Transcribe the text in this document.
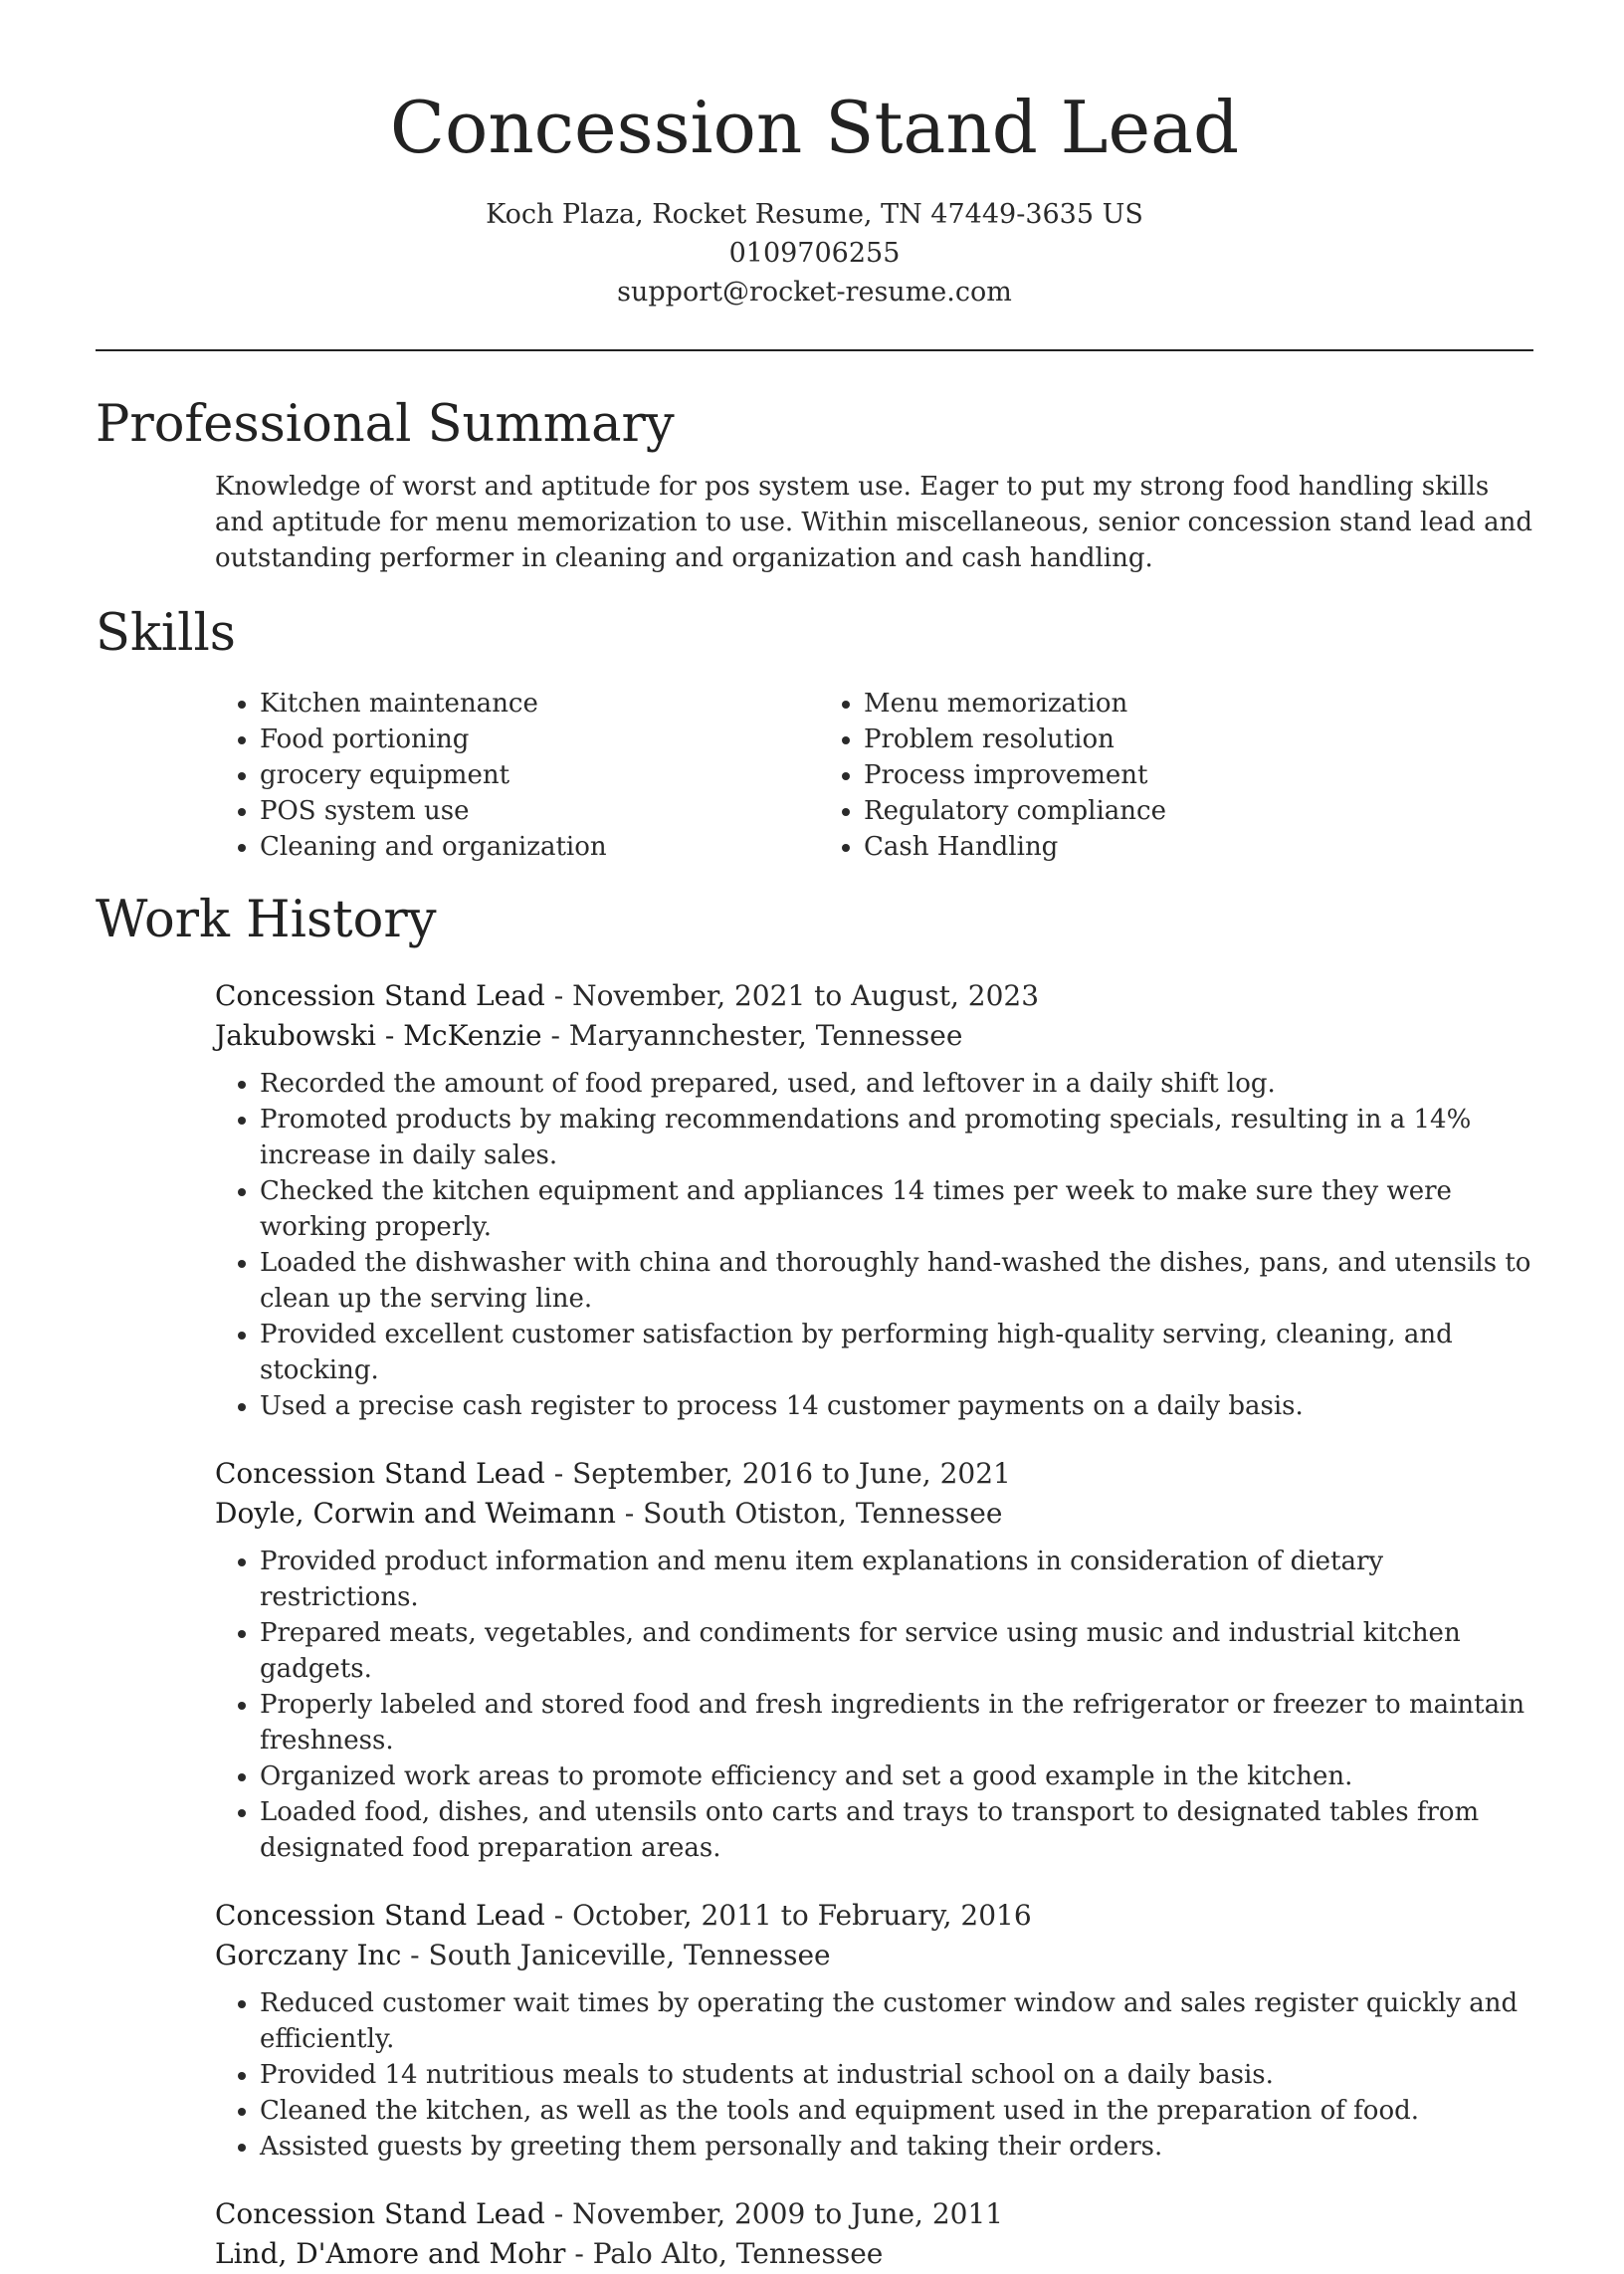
Concession Stand Lead
Koch Plaza, Rocket Resume, TN 47449-3635 US
0109706255
support@rocket-resume.com
Professional Summary
Knowledge of worst and aptitude for pos system use. Eager to put my strong food handling skills and aptitude for menu memorization to use. Within miscellaneous, senior concession stand lead and outstanding performer in cleaning and organization and cash handling.
Skills
• Kitchen maintenance
• Food portioning
• grocery equipment
• POS system use
• Cleaning and organization
• Menu memorization
• Problem resolution
• Process improvement
• Regulatory compliance
• Cash Handling
Work History
Concession Stand Lead - November, 2021 to August, 2023
Jakubowski - McKenzie - Maryannchester, Tennessee
• Recorded the amount of food prepared, used, and leftover in a daily shift log.
• Promoted products by making recommendations and promoting specials, resulting in a 14% increase in daily sales.
• Checked the kitchen equipment and appliances 14 times per week to make sure they were working properly.
• Loaded the dishwasher with china and thoroughly hand-washed the dishes, pans, and utensils to clean up the serving line.
• Provided excellent customer satisfaction by performing high-quality serving, cleaning, and stocking.
• Used a precise cash register to process 14 customer payments on a daily basis.
Concession Stand Lead - September, 2016 to June, 2021
Doyle, Corwin and Weimann - South Otiston, Tennessee
• Provided product information and menu item explanations in consideration of dietary restrictions.
• Prepared meats, vegetables, and condiments for service using music and industrial kitchen gadgets.
• Properly labeled and stored food and fresh ingredients in the refrigerator or freezer to maintain freshness.
• Organized work areas to promote efficiency and set a good example in the kitchen.
• Loaded food, dishes, and utensils onto carts and trays to transport to designated tables from designated food preparation areas.
Concession Stand Lead - October, 2011 to February, 2016
Gorczany Inc - South Janiceville, Tennessee
• Reduced customer wait times by operating the customer window and sales register quickly and efficiently.
• Provided 14 nutritious meals to students at industrial school on a daily basis.
• Cleaned the kitchen, as well as the tools and equipment used in the preparation of food.
• Assisted guests by greeting them personally and taking their orders.
Concession Stand Lead - November, 2009 to June, 2011
Lind, D'Amore and Mohr - Palo Alto, Tennessee
